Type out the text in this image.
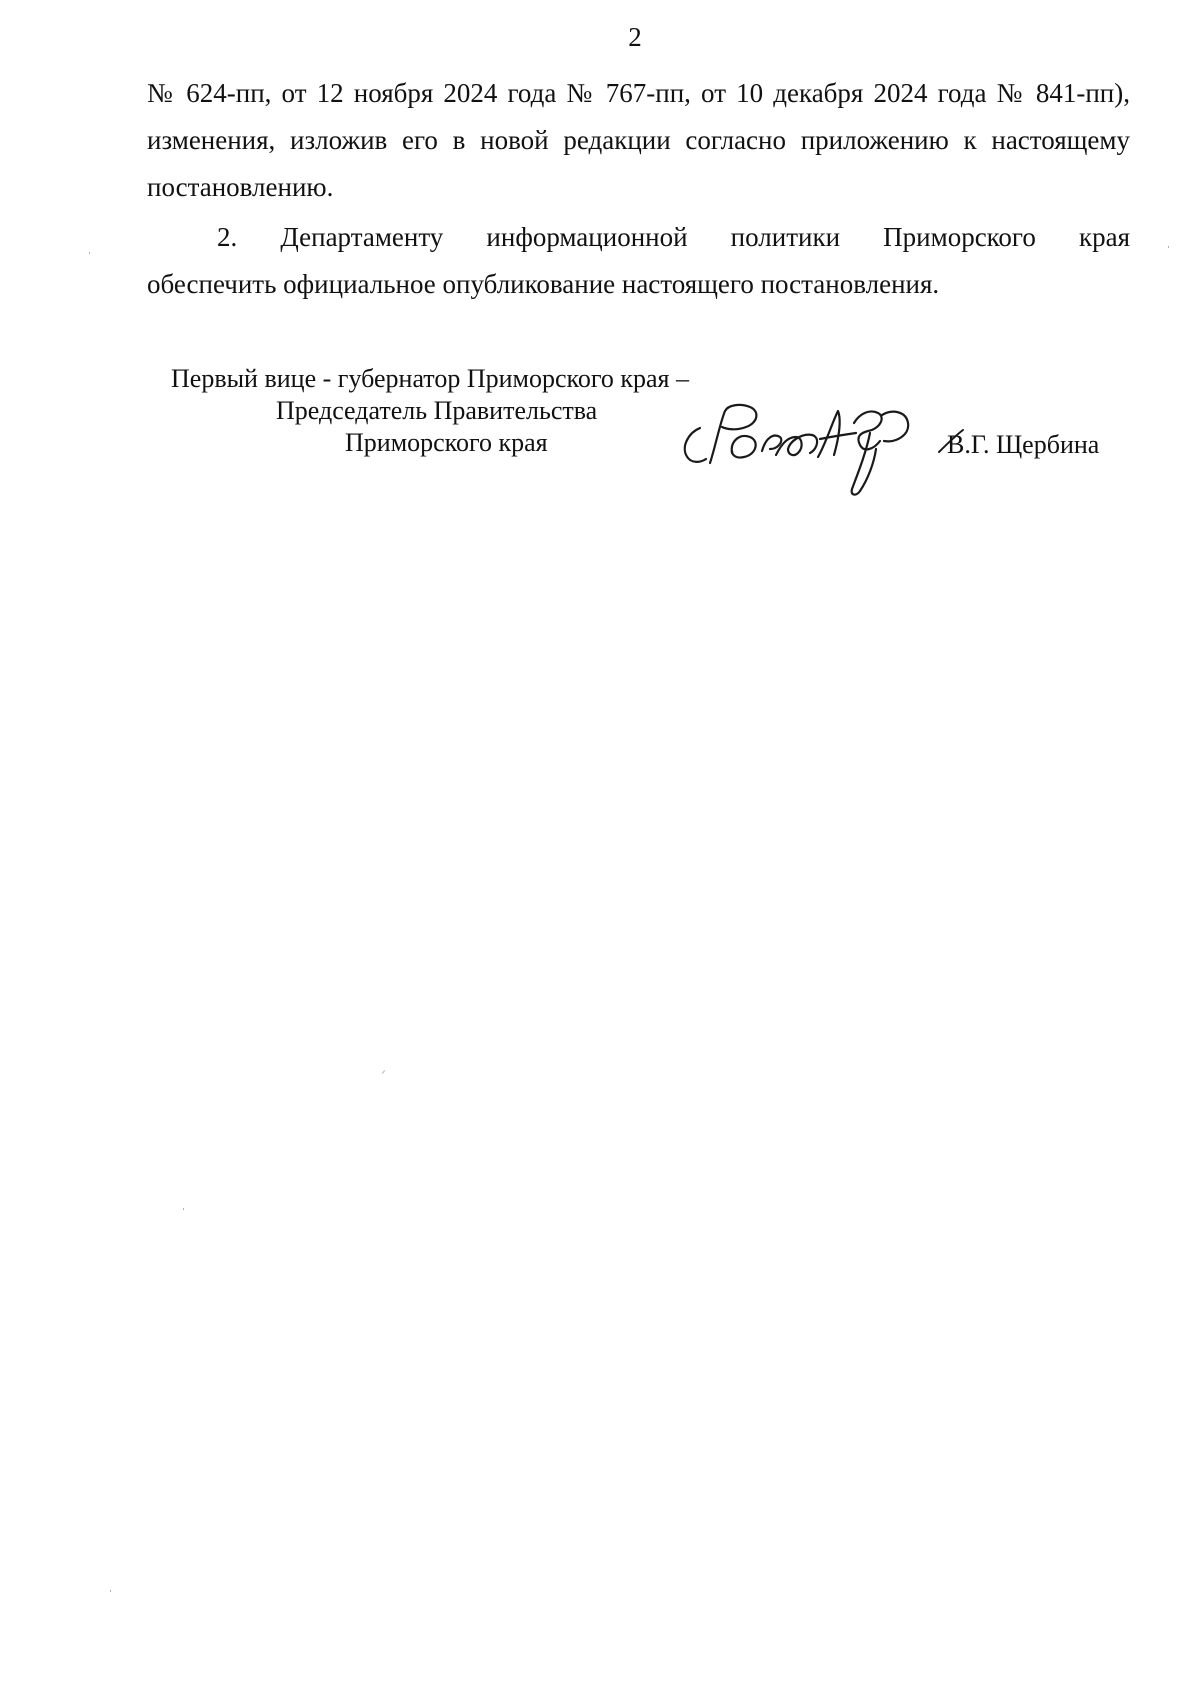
2
№ 624-пп, от 12 ноября 2024 года № 767-пп, от 10 декабря 2024 года № 841-пп),
изменения, изложив его в новой редакции согласно приложению к настоящему
постановлению.
2. Департаменту информационной политики Приморского края
обеспечить официальное опубликование настоящего постановления.
Первый вице - губернатор Приморского края –
Председатель Правительства
Приморского края	В.Г. Щербина
